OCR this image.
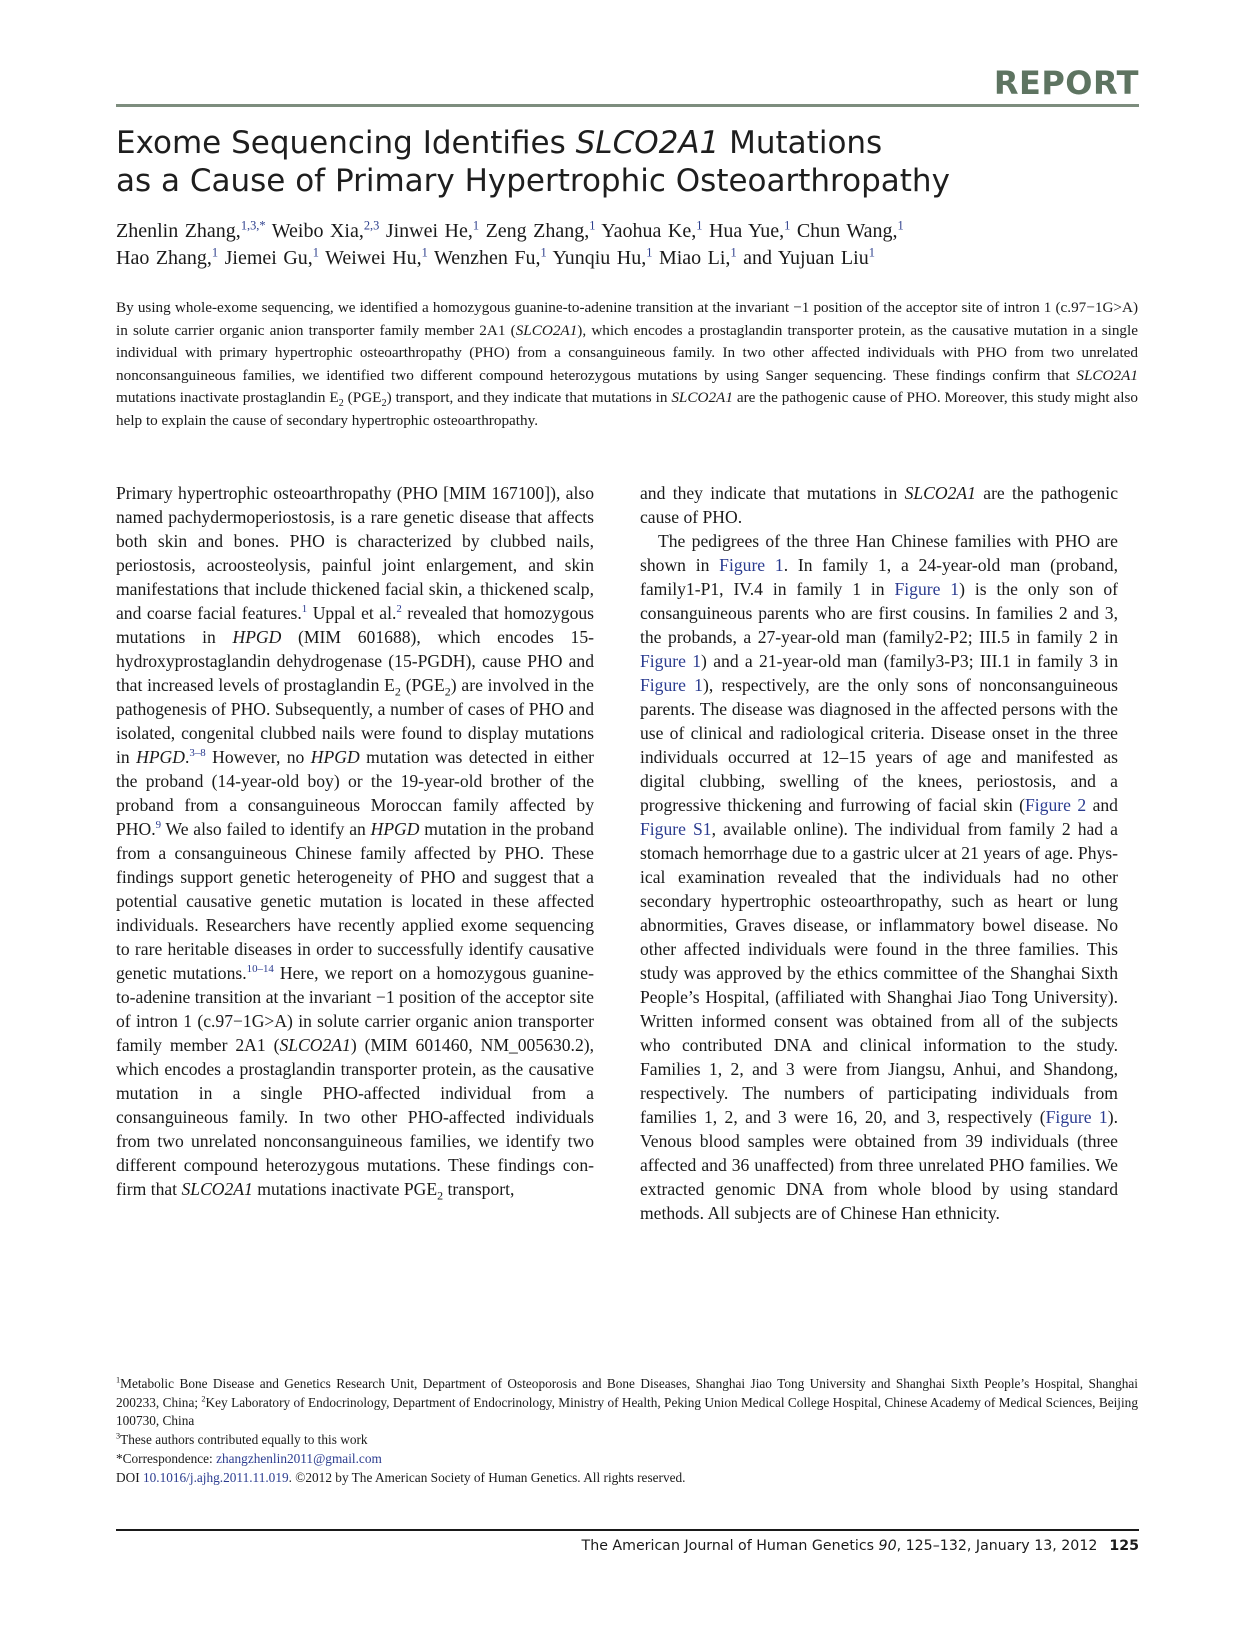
REPORT
Exome Sequencing Identifies SLCO2A1 Mutations
as a Cause of Primary Hypertrophic Osteoarthropathy
Zhenlin Zhang,$^{1,3,*}$ Weibo Xia,$^{2,3}$ Jinwei He,$^1$ Zeng Zhang,$^1$ Yaohua Ke,$^1$ Hua Yue,$^1$ Chun Wang,$^1$
Hao Zhang,$^1$ Jiemei Gu,$^1$ Weiwei Hu,$^1$ Wenzhen Fu,$^1$ Yunqiu Hu,$^1$ Miao Li,$^1$ and Yujuan Liu$^1$

By using whole-exome sequencing, we identified a homozygous guanine-to-adenine transition at the invariant −1 position of the acceptor site of intron 1 (c.97−1G>A) in solute carrier organic anion transporter family member 2A1 (SLCO2A1), which encodes a prostaglandin transporter protein, as the causative mutation in a single individual with primary hypertrophic osteoarthropathy (PHO) from a consanguineous family. In two other affected individuals with PHO from two unrelated nonconsanguineous families, we identified two different compound heterozygous mutations by using Sanger sequencing. These findings confirm that SLCO2A1 mutations inactivate prostaglandin $E_2$ $(PGE_2)$ transport, and they indicate that mutations in SLCO2A1 are the pathogenic cause of PHO. Moreover, this study might also help to explain the cause of secondary hypertrophic osteoarthropathy.

Primary hypertrophic osteoarthropathy (PHO [MIM 167100]), also named pachydermoperiostosis, is a rare genetic disease that affects both skin and bones. PHO is characterized by clubbed nails, periostosis, acroosteolysis, painful joint enlargement, and skin manifestations that include thickened facial skin, a thickened scalp, and coarse facial features.$^1$ Uppal et al.$^2$ revealed that homozygous mutations in HPGD (MIM 601688), which encodes 15-hydroxyprostaglandin dehydrogenase (15-PGDH), cause PHO and that increased levels of prostaglandin $E_2$ $(PGE_2)$ are involved in the pathogenesis of PHO. Subsequently, a number of cases of PHO and isolated, congenital clubbed nails were found to display mutations in HPGD.$^{3-8}$ However, no HPGD mutation was detected in either the proband (14-year-old boy) or the 19-year-old brother of the proband from a consanguineous Moroccan family affected by PHO.$^9$ We also failed to identify an HPGD mutation in the proband from a consanguineous Chinese family affected by PHO. These findings support genetic heterogeneity of PHO and suggest that a potential causative genetic mutation is located in these affected individuals. Researchers have recently applied exome sequencing to rare heritable diseases in order to successfully identify causative genetic mutations.$^{10-14}$ Here, we report on a homozygous guanine-to-adenine transition at the invariant −1 position of the acceptor site of intron 1 (c.97−1G>A) in solute carrier organic anion transporter family member 2A1 (SLCO2A1) (MIM 601460, NM_005630.2), which encodes a prostaglandin transporter protein, as the causative mutation in a single PHO-affected individual from a consanguineous family. In two other PHO-affected individuals from two unrelated nonconsanguineous families, we identify two different compound heterozygous mutations. These findings confirm that SLCO2A1 mutations inactivate $PGE_2$ transport,

and they indicate that mutations in SLCO2A1 are the pathogenic cause of PHO.

The pedigrees of the three Han Chinese families with PHO are shown in Figure 1. In family 1, a 24-year-old man (proband, family1-P1, IV.4 in family 1 in Figure 1) is the only son of consanguineous parents who are first cousins. In families 2 and 3, the probands, a 27-year-old man (family2-P2; III.5 in family 2 in Figure 1) and a 21-year-old man (family3-P3; III.1 in family 3 in Figure 1), respectively, are the only sons of nonconsanguineous parents. The disease was diagnosed in the affected persons with the use of clinical and radiological criteria. Disease onset in the three individuals occurred at 12–15 years of age and manifested as digital clubbing, swelling of the knees, periostosis, and a progressive thickening and furrowing of facial skin (Figure 2 and Figure S1, available online). The individual from family 2 had a stomach hemorrhage due to a gastric ulcer at 21 years of age. Physical examination revealed that the individuals had no other secondary hypertrophic osteoarthropathy, such as heart or lung abnormities, Graves disease, or inflammatory bowel disease. No other affected individuals were found in the three families. This study was approved by the ethics committee of the Shanghai Sixth People’s Hospital, (affiliated with Shanghai Jiao Tong University). Written informed consent was obtained from all of the subjects who contributed DNA and clinical information to the study. Families 1, 2, and 3 were from Jiangsu, Anhui, and Shandong, respectively. The numbers of participating individuals from families 1, 2, and 3 were 16, 20, and 3, respectively (Figure 1). Venous blood samples were obtained from 39 individuals (three affected and 36 unaffected) from three unrelated PHO families. We extracted genomic DNA from whole blood by using standard methods. All subjects are of Chinese Han ethnicity.

$^1$Metabolic Bone Disease and Genetics Research Unit, Department of Osteoporosis and Bone Diseases, Shanghai Jiao Tong University and Shanghai Sixth People’s Hospital, Shanghai 200233, China; $^2$Key Laboratory of Endocrinology, Department of Endocrinology, Ministry of Health, Peking Union Medical College Hospital, Chinese Academy of Medical Sciences, Beijing 100730, China

$^3$These authors contributed equally to this work

*Correspondence: zhangzhenlin2011@gmail.com

DOI 10.1016/j.ajhg.2011.11.019. ©2012 by The American Society of Human Genetics. All rights reserved.

The American Journal of Human Genetics 90, 125–132, January 13, 2012 125
